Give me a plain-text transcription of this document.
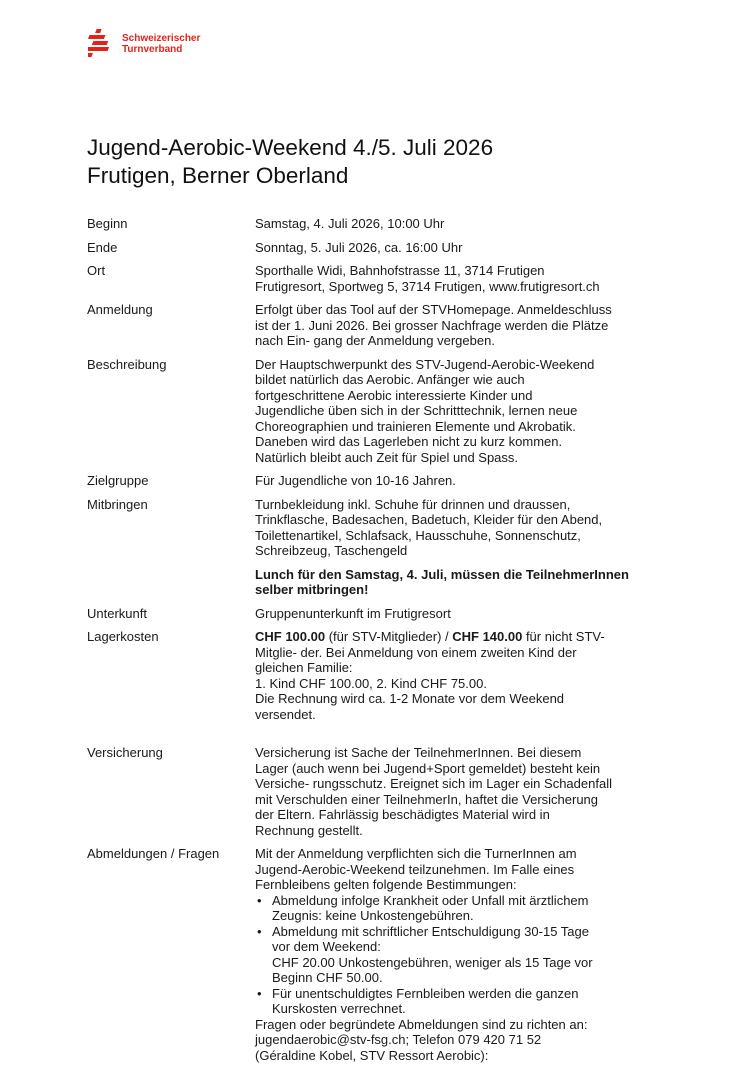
Schweizerischer
Turnverband
Jugend-Aerobic-Weekend 4./5. Juli 2026
Frutigen, Berner Oberland
Beginn	Samstag, 4. Juli 2026, 10:00 Uhr
Ende	Sonntag, 5. Juli 2026, ca. 16:00 Uhr
Ort	Sporthalle Widi, Bahnhofstrasse 11, 3714 Frutigen

Frutigresort, Sportweg 5, 3714 Frutigen, www.frutigresort.ch

Anmeldung	Erfolgt über das Tool auf der STVHomepage. Anmeldeschluss

ist der 1. Juni 2026. Bei grosser Nachfrage werden die Plätze

nach Ein- gang der Anmeldung vergeben.

Beschreibung	Der Hauptschwerpunkt des STV-Jugend-Aerobic-Weekend

bildet natürlich das Aerobic. Anfänger wie auch

fortgeschrittene Aerobic interessierte Kinder und

Jugendliche üben sich in der Schritttechnik, lernen neue

Choreographien und trainieren Elemente und Akrobatik.

Daneben wird das Lagerleben nicht zu kurz kommen.

Natürlich bleibt auch Zeit für Spiel und Spass.

Zielgruppe	Für Jugendliche von 10-16 Jahren.
Mitbringen	Turnbekleidung inkl. Schuhe für drinnen und draussen,

Trinkflasche, Badesachen, Badetuch, Kleider für den Abend,

Toilettenartikel, Schlafsack, Hausschuhe, Sonnenschutz,

Schreibzeug, Taschengeld

Lunch für den Samstag, 4. Juli, müssen die TeilnehmerInnen

selber mitbringen!

Unterkunft	Gruppenunterkunft im Frutigresort
Lagerkosten	CHF 100.00 (für STV-Mitglieder) / CHF 140.00 für nicht STV-

Mitglie- der. Bei Anmeldung von einem zweiten Kind der

gleichen Familie:

1. Kind CHF 100.00, 2. Kind CHF 75.00.

Die Rechnung wird ca. 1-2 Monate vor dem Weekend

versendet.

Versicherung	Versicherung ist Sache der TeilnehmerInnen. Bei diesem

Lager (auch wenn bei Jugend+Sport gemeldet) besteht kein

Versiche- rungsschutz. Ereignet sich im Lager ein Schadenfall

mit Verschulden einer TeilnehmerIn, haftet die Versicherung

der Eltern. Fahrlässig beschädigtes Material wird in

Rechnung gestellt.

Abmeldungen / Fragen	Mit der Anmeldung verpflichten sich die TurnerInnen am

Jugend-Aerobic-Weekend teilzunehmen. Im Falle eines

Fernbleibens gelten folgende Bestimmungen:

• Abmeldung infolge Krankheit oder Unfall mit ärztlichem

Zeugnis: keine Unkostengebühren.

• Abmeldung mit schriftlicher Entschuldigung 30-15 Tage

vor dem Weekend:

CHF 20.00 Unkostengebühren, weniger als 15 Tage vor

Beginn CHF 50.00.

• Für unentschuldigtes Fernbleiben werden die ganzen

Kurskosten verrechnet.

Fragen oder begründete Abmeldungen sind zu richten an:

jugendaerobic@stv-fsg.ch; Telefon 079 420 71 52

(Géraldine Kobel, STV Ressort Aerobic):
